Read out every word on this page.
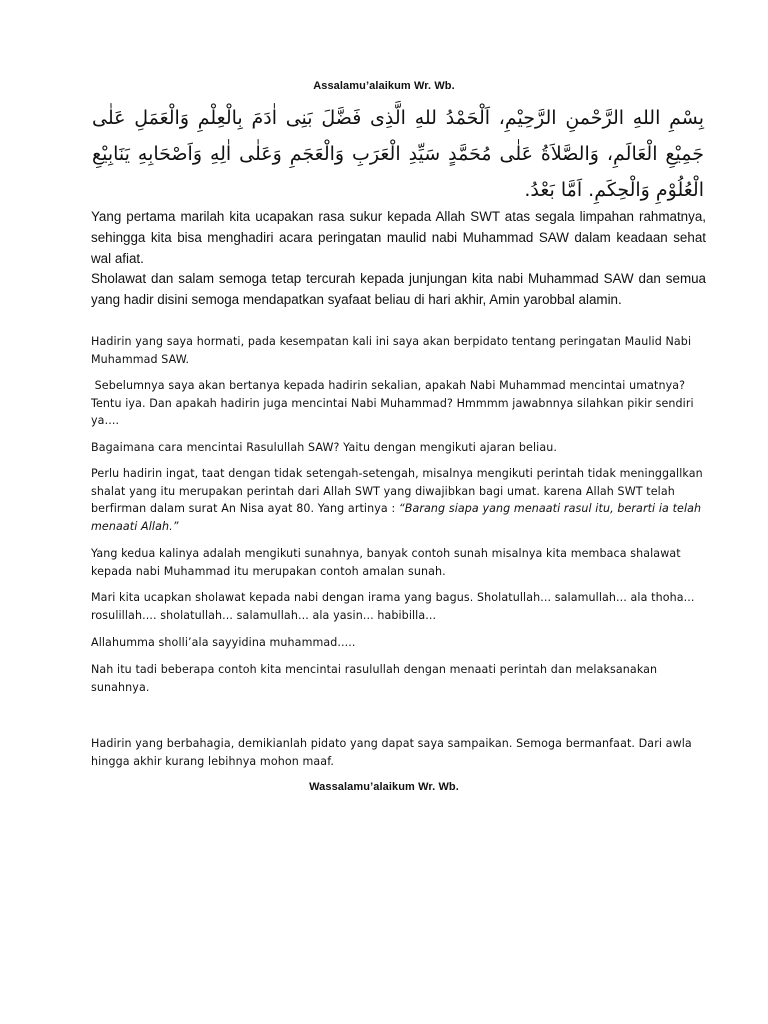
Assalamu’alaikum Wr. Wb.
بِسْمِ اللهِ الرَّحْمنِ الرَّحِيْمِ، اَلْحَمْدُ للهِ الَّذِى فَضَّلَ بَنِى اٰدَمَ بِالْعِلْمِ وَالْعَمَلِ عَلٰى جَمِيْعِ الْعَالَمِ، وَالصَّلاَةُ عَلٰى مُحَمَّدٍ سَيِّدِ الْعَرَبِ وَالْعَجَمِ وَعَلٰى اٰلِهِ وَاَصْحَابِهِ يَنَابِيْعِ الْعُلُوْمِ وَالْحِكَمِ. اَمَّا بَعْدُ.
Yang pertama marilah kita ucapakan rasa sukur kepada Allah SWT atas segala limpahan rahmatnya, sehingga kita bisa menghadiri acara peringatan maulid nabi Muhammad SAW dalam keadaan sehat wal afiat.
Sholawat dan salam semoga tetap tercurah kepada junjungan kita nabi Muhammad SAW dan semua yang hadir disini semoga mendapatkan syafaat beliau di hari akhir, Amin yarobbal alamin.
Hadirin yang saya hormati, pada kesempatan kali ini saya akan berpidato tentang peringatan Maulid Nabi Muhammad SAW.
Sebelumnya saya akan bertanya kepada hadirin sekalian, apakah Nabi Muhammad mencintai umatnya? Tentu iya. Dan apakah hadirin juga mencintai Nabi Muhammad? Hmmmm jawabnnya silahkan pikir sendiri ya....
Bagaimana cara mencintai Rasulullah SAW? Yaitu dengan mengikuti ajaran beliau.
Perlu hadirin ingat, taat dengan tidak setengah-setengah, misalnya mengikuti perintah tidak meninggallkan shalat yang itu merupakan perintah dari Allah SWT yang diwajibkan bagi umat. karena Allah SWT telah berfirman dalam surat An Nisa ayat 80. Yang artinya : “Barang siapa yang menaati rasul itu, berarti ia telah menaati Allah.”
Yang kedua kalinya adalah mengikuti sunahnya, banyak contoh sunah misalnya kita membaca shalawat kepada nabi Muhammad itu merupakan contoh amalan sunah.
Mari kita ucapkan sholawat kepada nabi dengan irama yang bagus. Sholatullah... salamullah... ala thoha... rosulillah.... sholatullah... salamullah... ala yasin... habibilla...
Allahumma sholli’ala sayyidina muhammad.....
Nah itu tadi beberapa contoh kita mencintai rasulullah dengan menaati perintah dan melaksanakan sunahnya.
Hadirin yang berbahagia, demikianlah pidato yang dapat saya sampaikan. Semoga bermanfaat. Dari awla hingga akhir kurang lebihnya mohon maaf.
Wassalamu’alaikum Wr. Wb.
